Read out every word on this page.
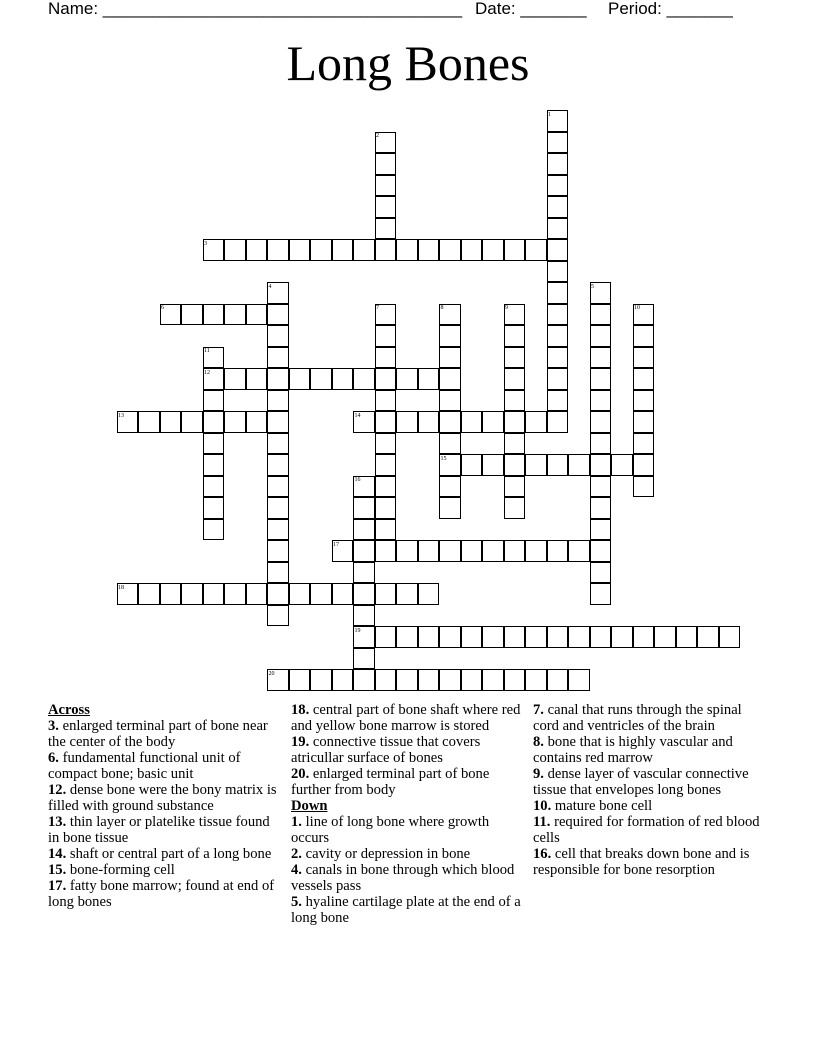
Name: ______________________________________ Date: _______ Period: _______
Long Bones
1
2
3
4	5
6	7	8	9	10
11
12
13	14
15
16
17
18
19
20
Across
3. enlarged terminal part of bone near the center of the body
6. fundamental functional unit of compact bone; basic unit
12. dense bone were the bony matrix is filled with ground substance
13. thin layer or platelike tissue found in bone tissue
14. shaft or central part of a long bone
15. bone-forming cell
17. fatty bone marrow; found at end of long bones
18. central part of bone shaft where red and yellow bone marrow is stored
19. connective tissue that covers atricullar surface of bones
20. enlarged terminal part of bone further from body
Down
1. line of long bone where growth occurs
2. cavity or depression in bone
4. canals in bone through which blood vessels pass
5. hyaline cartilage plate at the end of a long bone
7. canal that runs through the spinal cord and ventricles of the brain
8. bone that is highly vascular and contains red marrow
9. dense layer of vascular connective tissue that envelopes long bones
10. mature bone cell
11. required for formation of red blood cells
16. cell that breaks down bone and is responsible for bone resorption
